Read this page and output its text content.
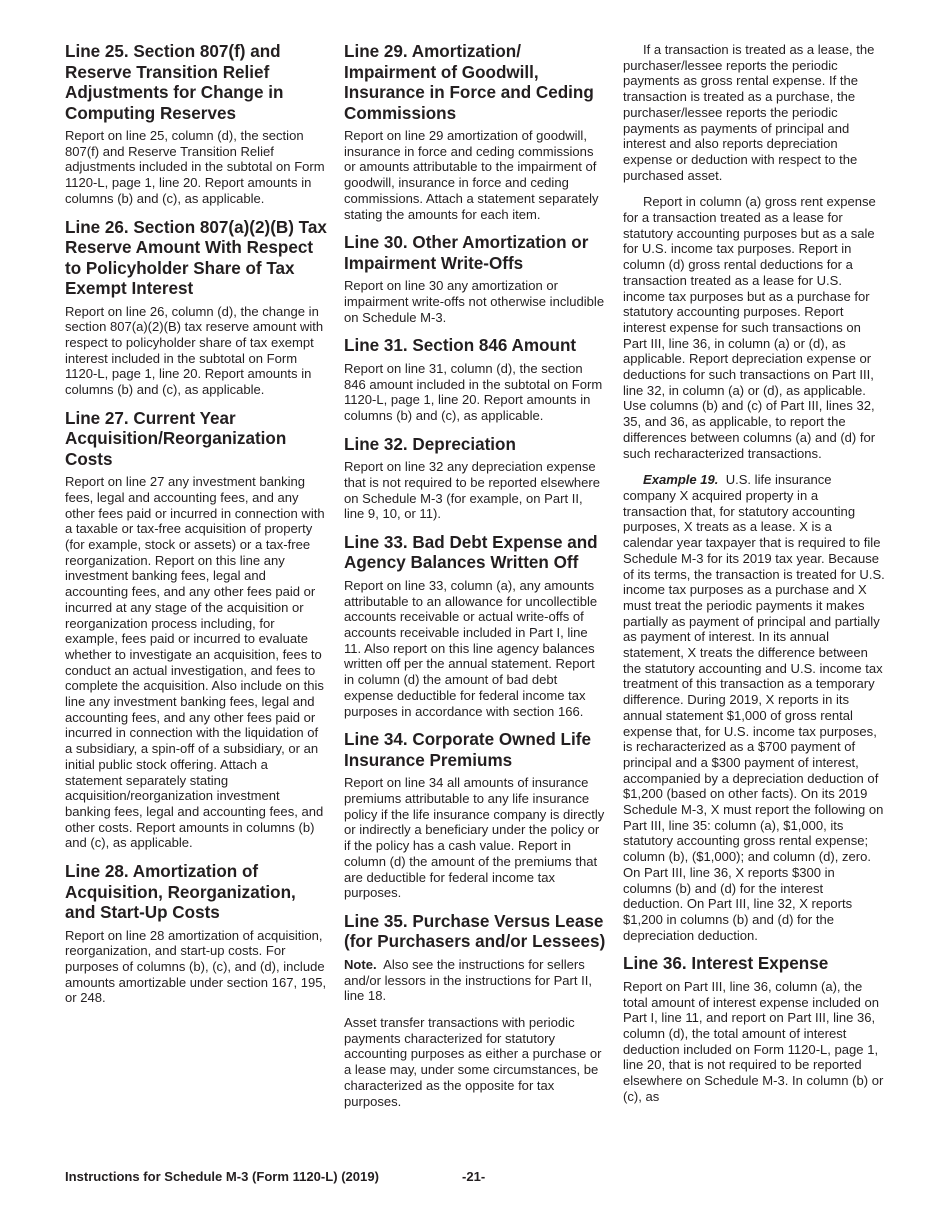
Line 25. Section 807(f) and Reserve Transition Relief Adjustments for Change in Computing Reserves

Report on line 25, column (d), the section 807(f) and Reserve Transition Relief adjustments included in the subtotal on Form 1120-L, page 1, line 20. Report amounts in columns (b) and (c), as applicable.

Line 26. Section 807(a)(2)(B) Tax Reserve Amount With Respect to Policyholder Share of Tax Exempt Interest

Report on line 26, column (d), the change in section 807(a)(2)(B) tax reserve amount with respect to policyholder share of tax exempt interest included in the subtotal on Form 1120-L, page 1, line 20. Report amounts in columns (b) and (c), as applicable.

Line 27. Current Year Acquisition/Reorganization Costs

Report on line 27 any investment banking fees, legal and accounting fees, and any other fees paid or incurred in connection with a taxable or tax-free acquisition of property (for example, stock or assets) or a tax-free reorganization. Report on this line any investment banking fees, legal and accounting fees, and any other fees paid or incurred at any stage of the acquisition or reorganization process including, for example, fees paid or incurred to evaluate whether to investigate an acquisition, fees to conduct an actual investigation, and fees to complete the acquisition. Also include on this line any investment banking fees, legal and accounting fees, and any other fees paid or incurred in connection with the liquidation of a subsidiary, a spin-off of a subsidiary, or an initial public stock offering. Attach a statement separately stating acquisition/reorganization investment banking fees, legal and accounting fees, and other costs. Report amounts in columns (b) and (c), as applicable.

Line 28. Amortization of Acquisition, Reorganization, and Start-Up Costs

Report on line 28 amortization of acquisition, reorganization, and start-up costs. For purposes of columns (b), (c), and (d), include amounts amortizable under section 167, 195, or 248.

Line 29. Amortization/ Impairment of Goodwill, Insurance in Force and Ceding Commissions

Report on line 29 amortization of goodwill, insurance in force and ceding commissions or amounts attributable to the impairment of goodwill, insurance in force and ceding commissions. Attach a statement separately stating the amounts for each item.

Line 30. Other Amortization or Impairment Write-Offs

Report on line 30 any amortization or impairment write-offs not otherwise includible on Schedule M-3.

Line 31. Section 846 Amount

Report on line 31, column (d), the section 846 amount included in the subtotal on Form 1120-L, page 1, line 20. Report amounts in columns (b) and (c), as applicable.

Line 32. Depreciation

Report on line 32 any depreciation expense that is not required to be reported elsewhere on Schedule M-3 (for example, on Part II, line 9, 10, or 11).

Line 33. Bad Debt Expense and Agency Balances Written Off

Report on line 33, column (a), any amounts attributable to an allowance for uncollectible accounts receivable or actual write-offs of accounts receivable included in Part I, line 11. Also report on this line agency balances written off per the annual statement. Report in column (d) the amount of bad debt expense deductible for federal income tax purposes in accordance with section 166.

Line 34. Corporate Owned Life Insurance Premiums

Report on line 34 all amounts of insurance premiums attributable to any life insurance policy if the life insurance company is directly or indirectly a beneficiary under the policy or if the policy has a cash value. Report in column (d) the amount of the premiums that are deductible for federal income tax purposes.

Line 35. Purchase Versus Lease (for Purchasers and/or Lessees)

Note. Also see the instructions for sellers and/or lessors in the instructions for Part II, line 18.

Asset transfer transactions with periodic payments characterized for statutory accounting purposes as either a purchase or a lease may, under some circumstances, be characterized as the opposite for tax purposes.

If a transaction is treated as a lease, the purchaser/lessee reports the periodic payments as gross rental expense. If the transaction is treated as a purchase, the purchaser/lessee reports the periodic payments as payments of principal and interest and also reports depreciation expense or deduction with respect to the purchased asset.

Report in column (a) gross rent expense for a transaction treated as a lease for statutory accounting purposes but as a sale for U.S. income tax purposes. Report in column (d) gross rental deductions for a transaction treated as a lease for U.S. income tax purposes but as a purchase for statutory accounting purposes. Report interest expense for such transactions on Part III, line 36, in column (a) or (d), as applicable. Report depreciation expense or deductions for such transactions on Part III, line 32, in column (a) or (d), as applicable. Use columns (b) and (c) of Part III, lines 32, 35, and 36, as applicable, to report the differences between columns (a) and (d) for such recharacterized transactions.

Example 19. U.S. life insurance company X acquired property in a transaction that, for statutory accounting purposes, X treats as a lease. X is a calendar year taxpayer that is required to file Schedule M-3 for its 2019 tax year. Because of its terms, the transaction is treated for U.S. income tax purposes as a purchase and X must treat the periodic payments it makes partially as payment of principal and partially as payment of interest. In its annual statement, X treats the difference between the statutory accounting and U.S. income tax treatment of this transaction as a temporary difference. During 2019, X reports in its annual statement $1,000 of gross rental expense that, for U.S. income tax purposes, is recharacterized as a $700 payment of principal and a $300 payment of interest, accompanied by a depreciation deduction of $1,200 (based on other facts). On its 2019 Schedule M-3, X must report the following on Part III, line 35: column (a), $1,000, its statutory accounting gross rental expense; column (b), ($1,000); and column (d), zero. On Part III, line 36, X reports $300 in columns (b) and (d) for the interest deduction. On Part III, line 32, X reports $1,200 in columns (b) and (d) for the depreciation deduction.

Line 36. Interest Expense

Report on Part III, line 36, column (a), the total amount of interest expense included on Part I, line 11, and report on Part III, line 36, column (d), the total amount of interest deduction included on Form 1120-L, page 1, line 20, that is not required to be reported elsewhere on Schedule M-3. In column (b) or (c), as

Instructions for Schedule M-3 (Form 1120-L) (2019)	-21-
